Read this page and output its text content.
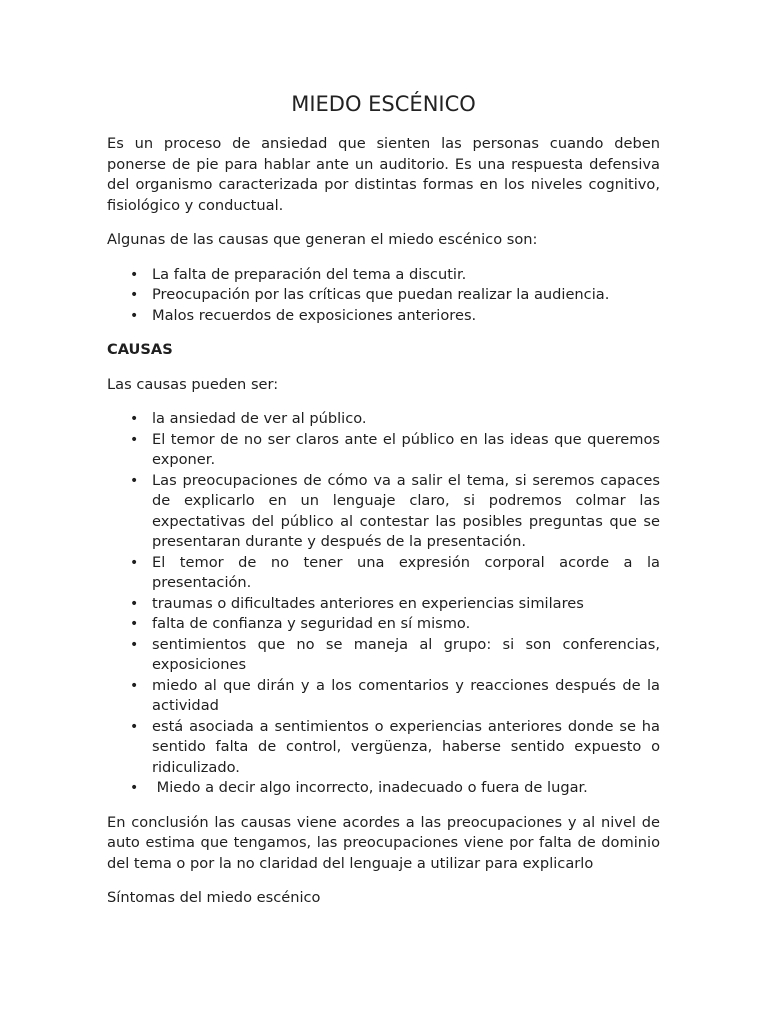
MIEDO ESCÉNICO

Es un proceso de ansiedad que sienten las personas cuando deben ponerse de pie para hablar ante un auditorio. Es una respuesta defensiva del organismo caracterizada por distintas formas en los niveles cognitivo, fisiológico y conductual.

Algunas de las causas que generan el miedo escénico son:

• La falta de preparación del tema a discutir.
• Preocupación por las críticas que puedan realizar la audiencia.
• Malos recuerdos de exposiciones anteriores.
CAUSAS

Las causas pueden ser:

• la ansiedad de ver al público.
• El temor de no ser claros ante el público en las ideas que queremos exponer.
• Las preocupaciones de cómo va a salir el tema, si seremos capaces de explicarlo en un lenguaje claro, si podremos colmar las expectativas del público al contestar las posibles preguntas que se presentaran durante y después de la presentación.
• El temor de no tener una expresión corporal acorde a la presentación.
• traumas o dificultades anteriores en experiencias similares
• falta de confianza y seguridad en sí mismo.
• sentimientos que no se maneja al grupo: si son conferencias, exposiciones
• miedo al que dirán y a los comentarios y reacciones después de la actividad
• está asociada a sentimientos o experiencias anteriores donde se ha sentido falta de control, vergüenza, haberse sentido expuesto o ridiculizado.
• Miedo a decir algo incorrecto, inadecuado o fuera de lugar.

En conclusión las causas viene acordes a las preocupaciones y al nivel de auto estima que tengamos, las preocupaciones viene por falta de dominio del tema o por la no claridad del lenguaje a utilizar para explicarlo

Síntomas del miedo escénico
